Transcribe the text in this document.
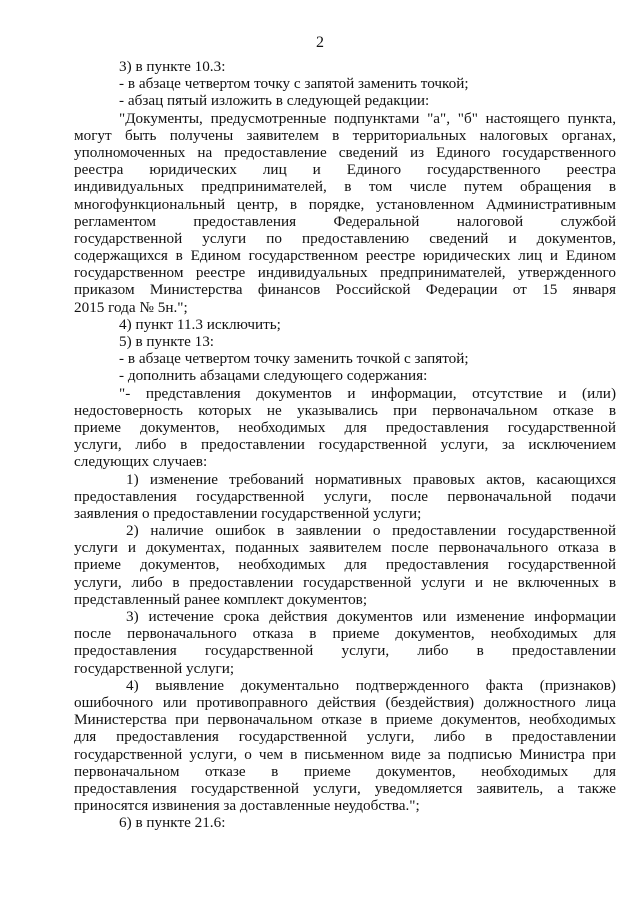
2
3) в пункте 10.3:
- в абзаце четвертом точку с запятой заменить точкой;
- абзац пятый изложить в следующей редакции:
"Документы, предусмотренные подпунктами "а", "б" настоящего пункта,
могут быть получены заявителем в территориальных налоговых органах,
уполномоченных на предоставление сведений из Единого государственного
реестра юридических лиц и Единого государственного реестра
индивидуальных предпринимателей, в том числе путем обращения в
многофункциональный центр, в порядке, установленном Административным
регламентом предоставления Федеральной налоговой службой
государственной услуги по предоставлению сведений и документов,
содержащихся в Едином государственном реестре юридических лиц и Едином
государственном реестре индивидуальных предпринимателей, утвержденного
приказом Министерства финансов Российской Федерации от 15 января
2015 года № 5н.";
4) пункт 11.3 исключить;
5) в пункте 13:
- в абзаце четвертом точку заменить точкой с запятой;
- дополнить абзацами следующего содержания:
"- представления документов и информации, отсутствие и (или)
недостоверность которых не указывались при первоначальном отказе в
приеме документов, необходимых для предоставления государственной
услуги, либо в предоставлении государственной услуги, за исключением
следующих случаев:
1) изменение требований нормативных правовых актов, касающихся
предоставления государственной услуги, после первоначальной подачи
заявления о предоставлении государственной услуги;
2) наличие ошибок в заявлении о предоставлении государственной
услуги и документах, поданных заявителем после первоначального отказа в
приеме документов, необходимых для предоставления государственной
услуги, либо в предоставлении государственной услуги и не включенных в
представленный ранее комплект документов;
3) истечение срока действия документов или изменение информации
после первоначального отказа в приеме документов, необходимых для
предоставления государственной услуги, либо в предоставлении
государственной услуги;
4) выявление документально подтвержденного факта (признаков)
ошибочного или противоправного действия (бездействия) должностного лица
Министерства при первоначальном отказе в приеме документов, необходимых
для предоставления государственной услуги, либо в предоставлении
государственной услуги, о чем в письменном виде за подписью Министра при
первоначальном отказе в приеме документов, необходимых для
предоставления государственной услуги, уведомляется заявитель, а также
приносятся извинения за доставленные неудобства.";
6) в пункте 21.6:
